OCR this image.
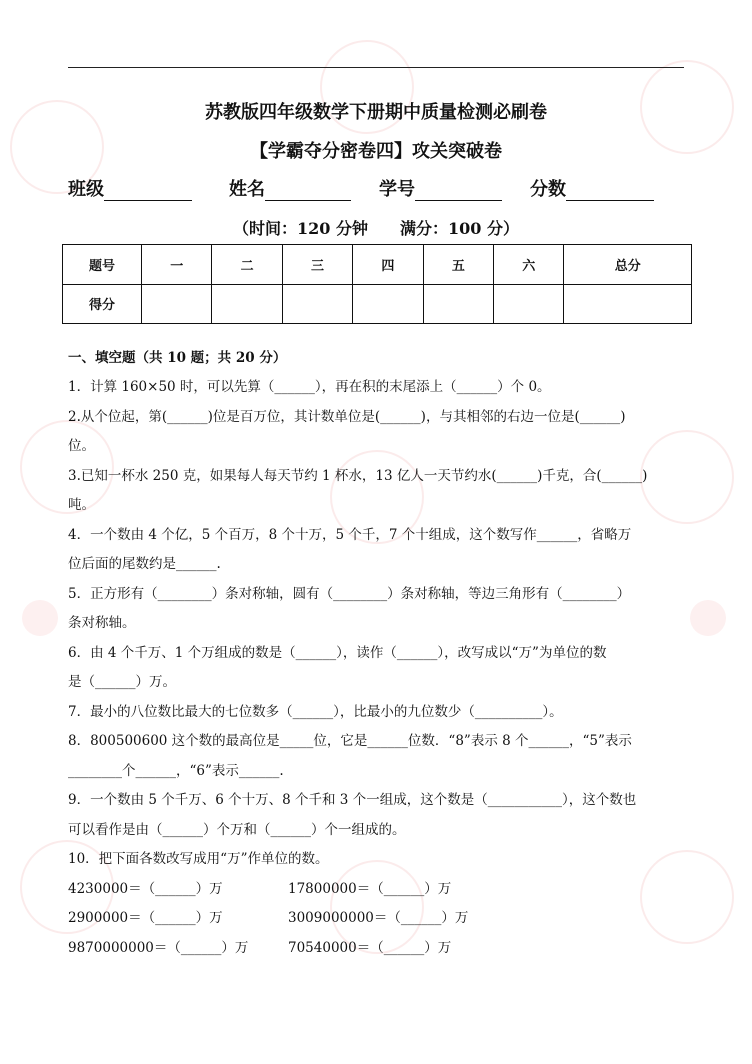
苏教版四年级数学下册期中质量检测必刷卷
【学霸夺分密卷四】攻关突破卷
班级	姓名	学号	分数
（时间：120 分钟　　满分：100 分）
题号	一	二	三	四	五	六	总分
得分							
一、填空题（共 10 题；共 20 分）
1．计算 160×50 时，可以先算（______），再在积的末尾添上（______）个 0。
2.从个位起，第(______)位是百万位，其计数单位是(______)，与其相邻的右边一位是(______)
位。
3.已知一杯水 250 克，如果每人每天节约 1 杯水，13 亿人一天节约水(______)千克，合(______)
吨。
4．一个数由 4 个亿，5 个百万，8 个十万，5 个千，7 个十组成，这个数写作______，省略万
位后面的尾数约是______.
5．正方形有（________）条对称轴，圆有（________）条对称轴，等边三角形有（________）
条对称轴。
6．由 4 个千万、1 个万组成的数是（______），读作（______），改写成以“万”为单位的数
是（______）万。
7．最小的八位数比最大的七位数多（______），比最小的九位数少（__________）。
8．800500600 这个数的最高位是_____位，它是______位数．“8”表示 8 个______，“5”表示
________个______，“6”表示______.
9．一个数由 5 个千万、6 个十万、8 个千和 3 个一组成，这个数是（___________），这个数也
可以看作是由（______）个万和（______）个一组成的。
10．把下面各数改写成用“万”作单位的数。
4230000＝（______）万	17800000＝（______）万
2900000＝（______）万	3009000000＝（______）万
9870000000＝（______）万	70540000＝（______）万
